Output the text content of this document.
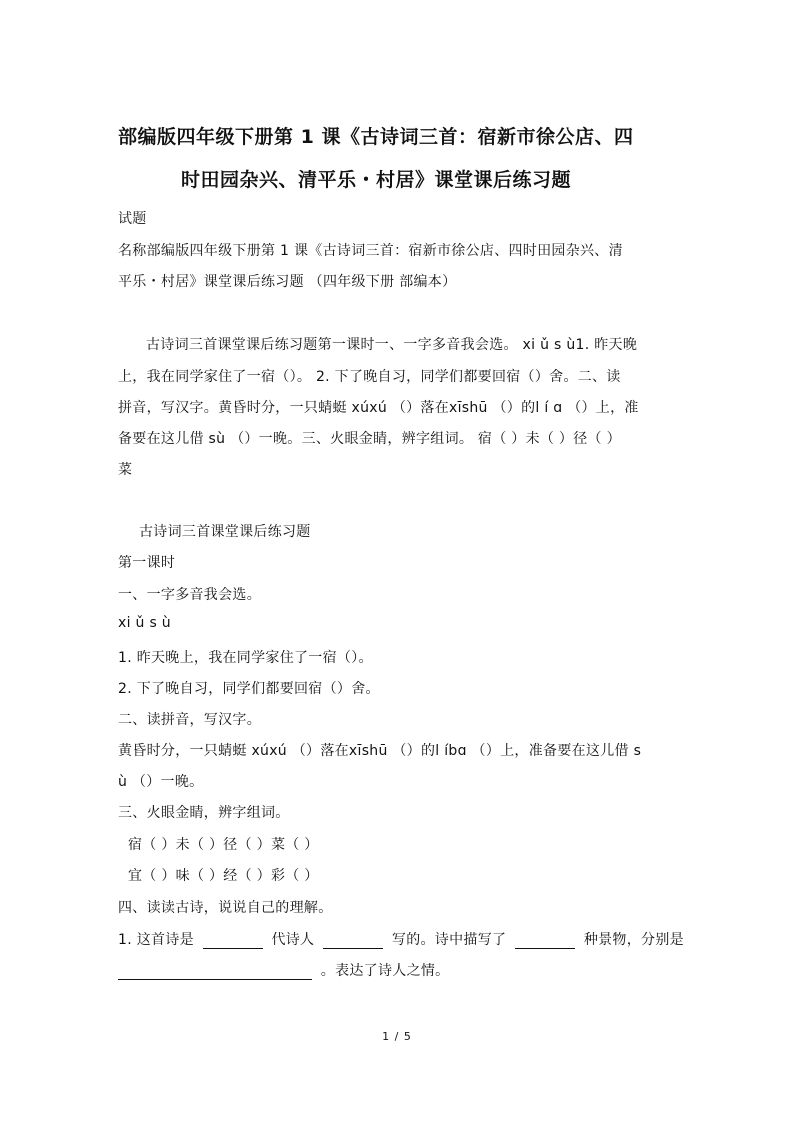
部编版四年级下册第 1 课《古诗词三首：宿新市徐公店、四
时田园杂兴、清平乐・村居》课堂课后练习题
试题
名称部编版四年级下册第 1 课《古诗词三首：宿新市徐公店、四时田园杂兴、清
平乐・村居》课堂课后练习题 （四年级下册 部编本）
古诗词三首课堂课后练习题第一课时一、一字多音我会选。 xi ǔ s ù1. 昨天晚
上，我在同学家住了一宿（）。 2. 下了晚自习，同学们都要回宿（）舍。二、读
拼音，写汉字。黄昏时分，一只蜻蜓 xúxú （）落在xīshū （）的l í ɑ （）上，准
备要在这儿借 sù （）一晚。三、火眼金睛，辨字组词。 宿（ ）未（ ）径（ ）
菜
古诗词三首课堂课后练习题
第一课时
一、一字多音我会选。
xi ǔ s ù
1. 昨天晚上，我在同学家住了一宿（）。
2. 下了晚自习，同学们都要回宿（）舍。
二、读拼音，写汉字。
黄昏时分，一只蜻蜓 xúxú （）落在xīshū （）的l íbɑ （）上，准备要在这儿借 s
ù （）一晚。
三、火眼金睛，辨字组词。
宿（ ）未（ ）径（ ）菜（ ）
宜（ ）味（ ）经（ ）彩（ ）
四、读读古诗，说说自己的理解。
1. 这首诗是	代诗人	写的。诗中描写了	种景物，分别是
。表达了诗人之情。
1 / 5
